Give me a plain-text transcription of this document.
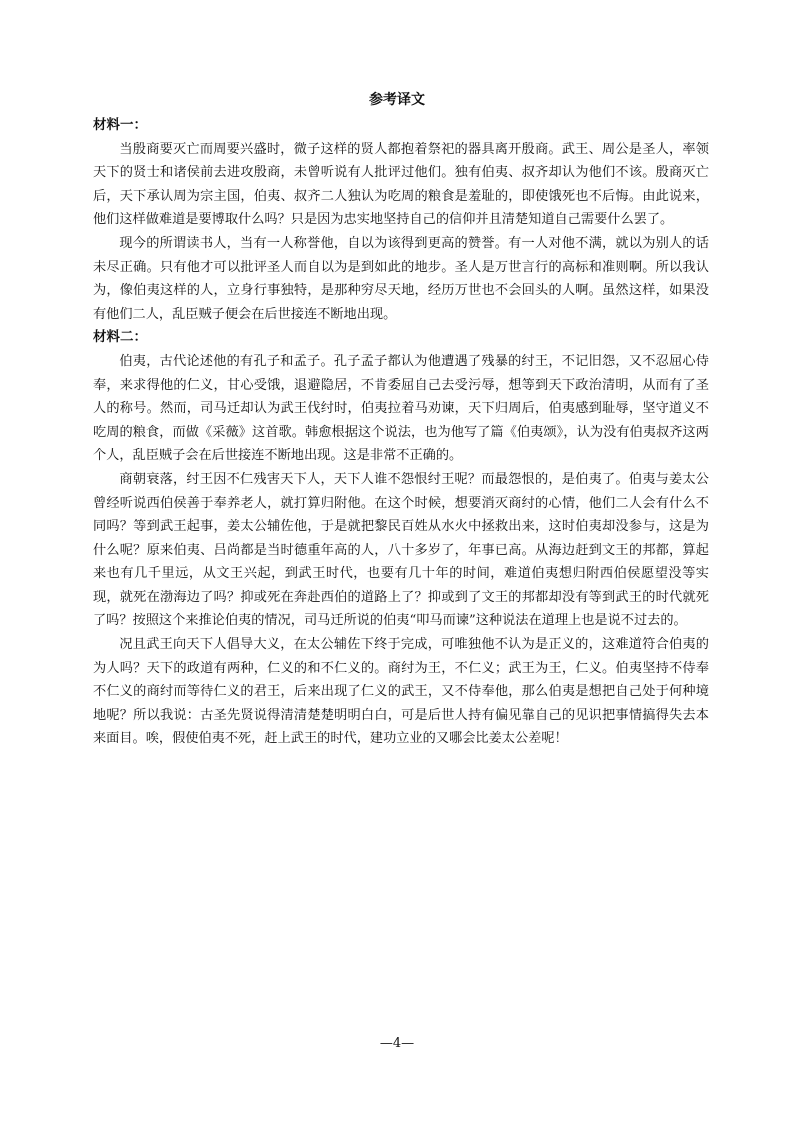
参考译文

材料一：

当殷商要灭亡而周要兴盛时，微子这样的贤人都抱着祭祀的器具离开殷商。武王、周公是圣人，率领天下的贤士和诸侯前去进攻殷商，未曾听说有人批评过他们。独有伯夷、叔齐却认为他们不该。殷商灭亡后，天下承认周为宗主国，伯夷、叔齐二人独认为吃周的粮食是羞耻的，即使饿死也不后悔。由此说来，他们这样做难道是要博取什么吗？只是因为忠实地坚持自己的信仰并且清楚知道自己需要什么罢了。

现今的所谓读书人，当有一人称誉他，自以为该得到更高的赞誉。有一人对他不满，就以为别人的话未尽正确。只有他才可以批评圣人而自以为是到如此的地步。圣人是万世言行的高标和准则啊。所以我认为，像伯夷这样的人，立身行事独特，是那种穷尽天地，经历万世也不会回头的人啊。虽然这样，如果没有他们二人，乱臣贼子便会在后世接连不断地出现。

材料二：

伯夷，古代论述他的有孔子和孟子。孔子孟子都认为他遭遇了残暴的纣王，不记旧怨，又不忍屈心侍奉，来求得他的仁义，甘心受饿，退避隐居，不肯委屈自己去受污辱，想等到天下政治清明，从而有了圣人的称号。然而，司马迁却认为武王伐纣时，伯夷拉着马劝谏，天下归周后，伯夷感到耻辱，坚守道义不吃周的粮食，而做《采薇》这首歌。韩愈根据这个说法，也为他写了篇《伯夷颂》，认为没有伯夷叔齐这两个人，乱臣贼子会在后世接连不断地出现。这是非常不正确的。

商朝衰落，纣王因不仁残害天下人，天下人谁不怨恨纣王呢？而最怨恨的，是伯夷了。伯夷与姜太公曾经听说西伯侯善于奉养老人，就打算归附他。在这个时候，想要消灭商纣的心情，他们二人会有什么不同吗？等到武王起事，姜太公辅佐他，于是就把黎民百姓从水火中拯救出来，这时伯夷却没参与，这是为什么呢？原来伯夷、吕尚都是当时德重年高的人，八十多岁了，年事已高。从海边赶到文王的邦都，算起来也有几千里远，从文王兴起，到武王时代，也要有几十年的时间，难道伯夷想归附西伯侯愿望没等实现，就死在渤海边了吗？抑或死在奔赴西伯的道路上了？抑或到了文王的邦都却没有等到武王的时代就死了吗？按照这个来推论伯夷的情况，司马迁所说的伯夷“叩马而谏”这种说法在道理上也是说不过去的。

况且武王向天下人倡导大义，在太公辅佐下终于完成，可唯独他不认为是正义的，这难道符合伯夷的为人吗？天下的政道有两种，仁义的和不仁义的。商纣为王，不仁义；武王为王，仁义。伯夷坚持不侍奉不仁义的商纣而等待仁义的君王，后来出现了仁义的武王，又不侍奉他，那么伯夷是想把自己处于何种境地呢？所以我说：古圣先贤说得清清楚楚明明白白，可是后世人持有偏见靠自己的见识把事情搞得失去本来面目。唉，假使伯夷不死，赶上武王的时代，建功立业的又哪会比姜太公差呢！

—4—
